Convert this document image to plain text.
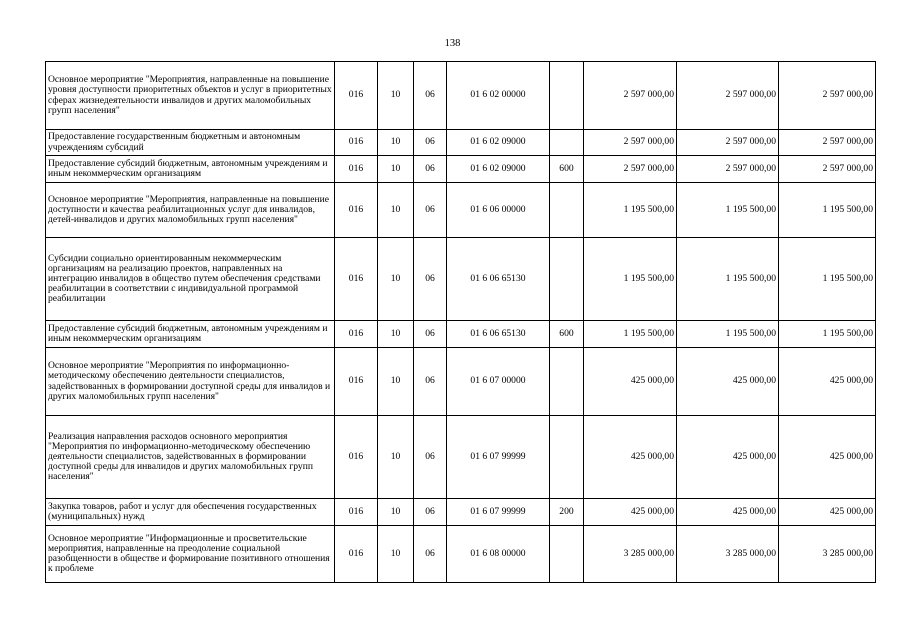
138
Основное мероприятие "Мероприятия, направленные на повышение уровня доступности приоритетных объектов и услуг в приоритетных сферах жизнедеятельности инвалидов и других маломобильных групп населения"	016	10	06	01 6 02 00000		2 597 000,00	2 597 000,00	2 597 000,00
Предоставление государственным бюджетным и автономным учреждениям субсидий	016	10	06	01 6 02 09000		2 597 000,00	2 597 000,00	2 597 000,00
Предоставление субсидий бюджетным, автономным учреждениям и иным некоммерческим организациям	016	10	06	01 6 02 09000	600	2 597 000,00	2 597 000,00	2 597 000,00
Основное мероприятие "Мероприятия, направленные на повышение доступности и качества реабилитационных услуг для инвалидов, детей-инвалидов и других маломобильных групп населения"	016	10	06	01 6 06 00000		1 195 500,00	1 195 500,00	1 195 500,00
Субсидии социально ориентированным некоммерческим организациям на реализацию проектов, направленных на интеграцию инвалидов в общество путем обеспечения средствами реабилитации в соответствии с индивидуальной программой реабилитации	016	10	06	01 6 06 65130		1 195 500,00	1 195 500,00	1 195 500,00
Предоставление субсидий бюджетным, автономным учреждениям и иным некоммерческим организациям	016	10	06	01 6 06 65130	600	1 195 500,00	1 195 500,00	1 195 500,00
Основное мероприятие "Мероприятия по информационно-методическому обеспечению деятельности специалистов, задействованных в формировании доступной среды для инвалидов и других маломобильных групп населения"	016	10	06	01 6 07 00000		425 000,00	425 000,00	425 000,00
Реализация направления расходов основного мероприятия "Мероприятия по информационно-методическому обеспечению деятельности специалистов, задействованных в формировании доступной среды для инвалидов и других маломобильных групп населения"	016	10	06	01 6 07 99999		425 000,00	425 000,00	425 000,00
Закупка товаров, работ и услуг для обеспечения государственных (муниципальных) нужд	016	10	06	01 6 07 99999	200	425 000,00	425 000,00	425 000,00
Основное мероприятие "Информационные и просветительские мероприятия, направленные на преодоление социальной разобщенности в обществе и формирование позитивного отношения к проблеме	016	10	06	01 6 08 00000		3 285 000,00	3 285 000,00	3 285 000,00
